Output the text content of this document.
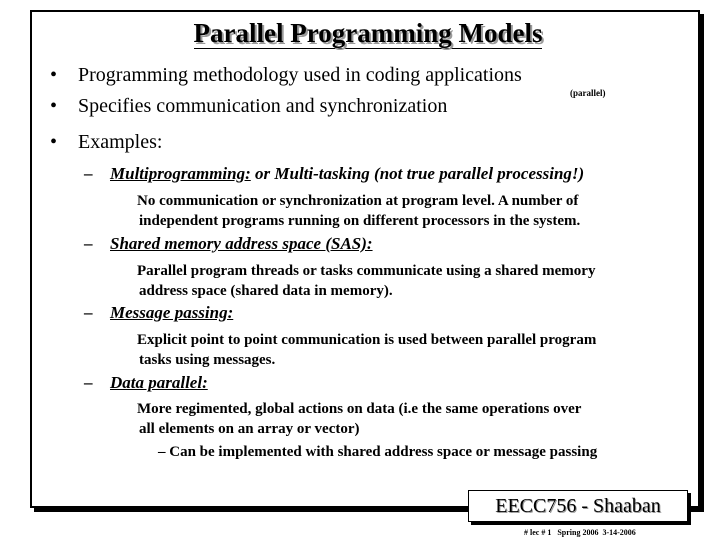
Parallel Programming Models
• Programming methodology used in coding applications
(parallel)
• Specifies communication and synchronization
• Examples:
– Multiprogramming: or Multi-tasking (not true parallel processing!)
No communication or synchronization at program level. A number of
independent programs running on different processors in the system.
– Shared memory address space (SAS):
Parallel program threads or tasks communicate using a shared memory
address space (shared data in memory).
– Message passing:
Explicit point to point communication is used between parallel program
tasks using messages.
– Data parallel:
More regimented, global actions on data (i.e the same operations over
all elements on an array or vector)
– Can be implemented with shared address space or message passing
EECC756 - Shaaban
# lec # 1 Spring 2006 3-14-2006
